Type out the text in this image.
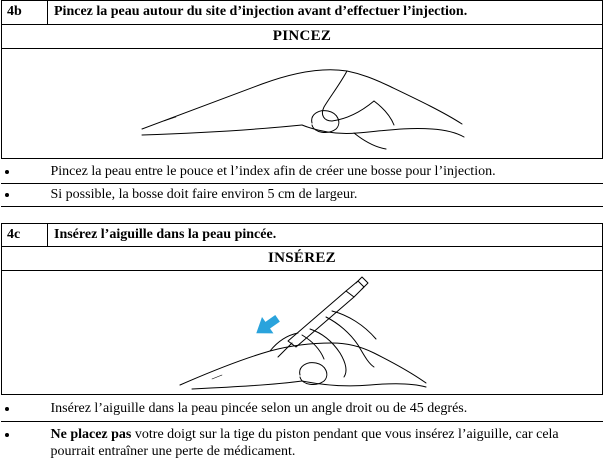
4b	Pincez la peau autour du site d’injection avant d’effectuer l’injection.
PINCEZ

Pincez la peau entre le pouce et l’index afin de créer une bosse pour l’injection.
Si possible, la bosse doit faire environ 5 cm de largeur.
4c	Insérez l’aiguille dans la peau pincée.
INSÉREZ

Insérez l’aiguille dans la peau pincée selon un angle droit ou de 45 degrés.
Ne placez pas votre doigt sur la tige du piston pendant que vous insérez l’aiguille, car cela pourrait entraîner une perte de médicament.
